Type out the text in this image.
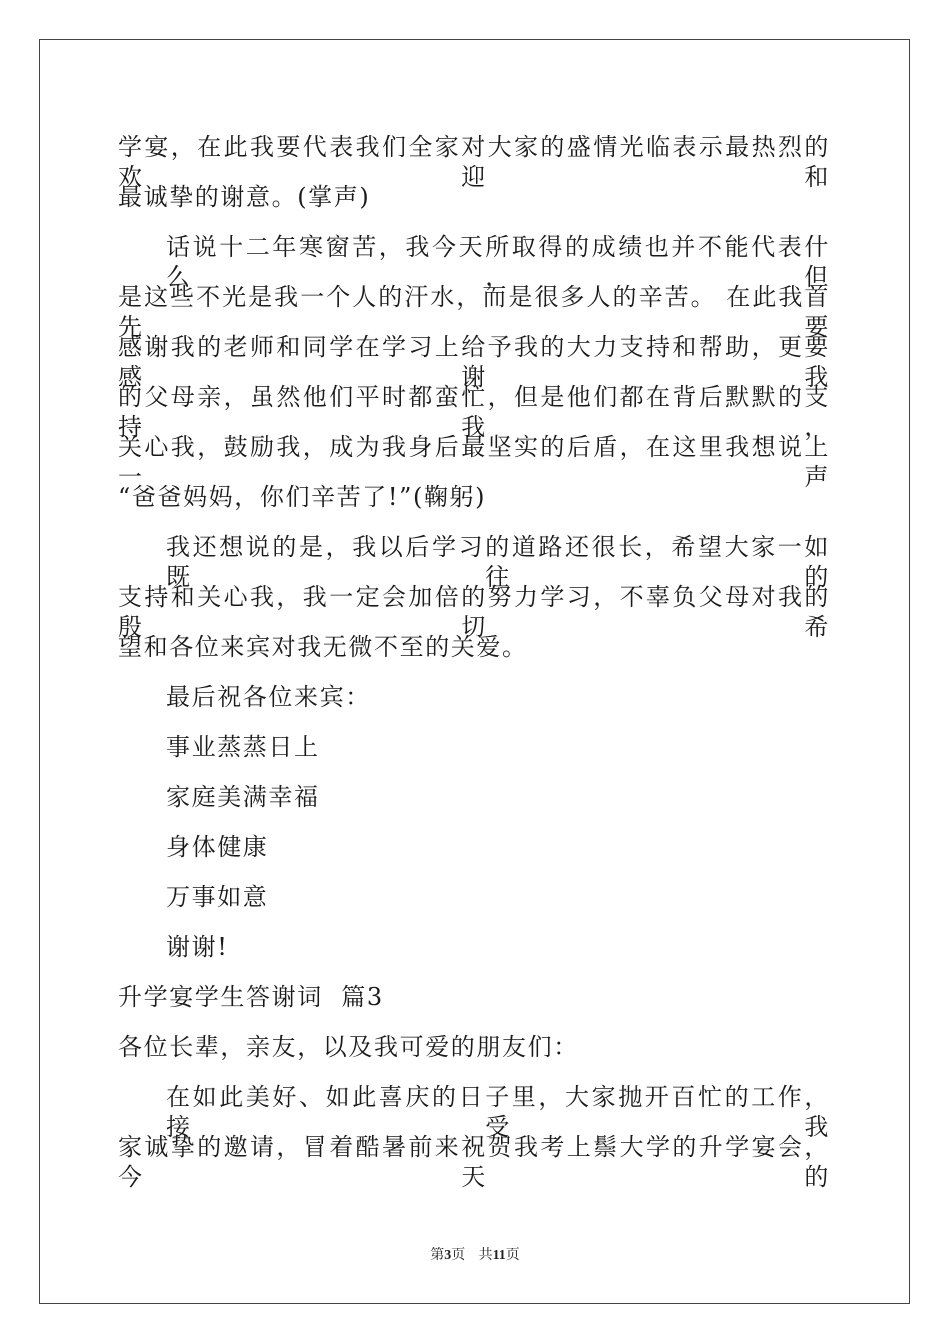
学宴，在此我要代表我们全家对大家的盛情光临表示最热烈的欢迎和
最诚挚的谢意。(掌声)
话说十二年寒窗苦，我今天所取得的成绩也并不能代表什么，但
是这些不光是我一个人的汗水，而是很多人的辛苦。 在此我首先要
感谢我的老师和同学在学习上给予我的大力支持和帮助，更要感谢我
的父母亲，虽然他们平时都蛮忙，但是他们都在背后默默的支持我，
关心我，鼓励我，成为我身后最坚实的后盾，在这里我想说上一声
“爸爸妈妈，你们辛苦了!”(鞠躬)
我还想说的是，我以后学习的道路还很长，希望大家一如既往的
支持和关心我，我一定会加倍的努力学习，不辜负父母对我的殷切希
望和各位来宾对我无微不至的关爱。
最后祝各位来宾：
事业蒸蒸日上
家庭美满幸福
身体健康
万事如意
谢谢!
升学宴学生答谢词  篇3
各位长辈，亲友，以及我可爱的朋友们：
在如此美好、如此喜庆的日子里，大家抛开百忙的工作，接受我
家诚挚的邀请，冒着酷暑前来祝贺我考上鬃大学的升学宴会，今天的
第3页 共11页
